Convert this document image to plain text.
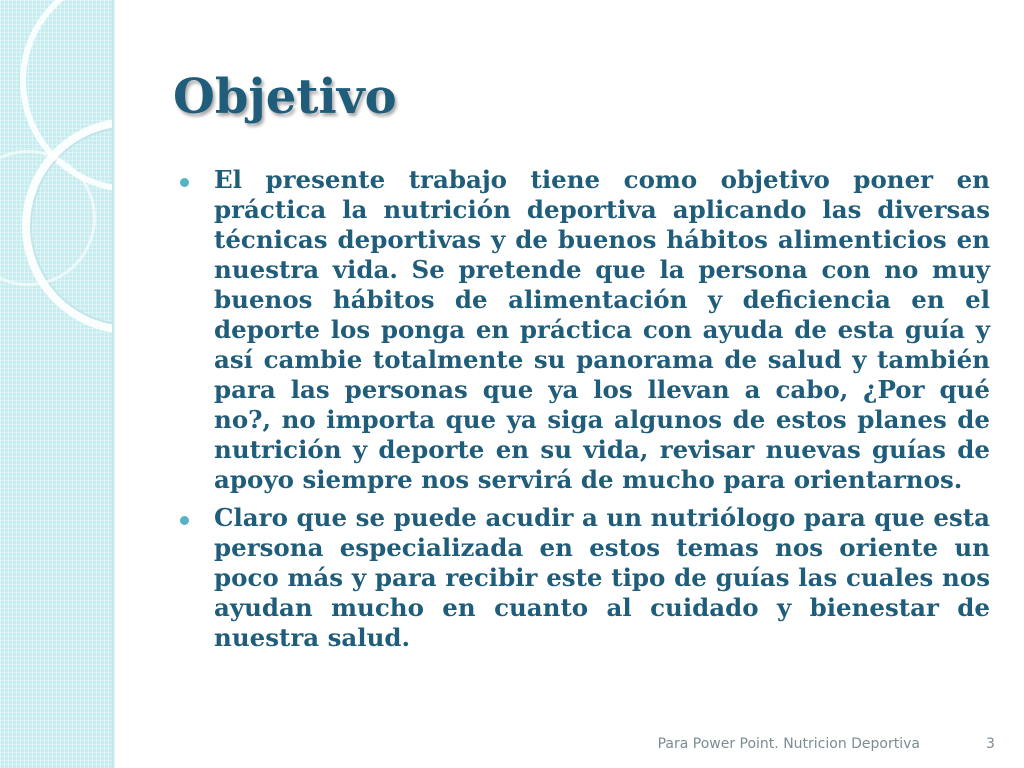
Objetivo
El presente trabajo tiene como objetivo poner en práctica la nutrición deportiva aplicando las diversas técnicas deportivas y de buenos hábitos alimenticios en nuestra vida. Se pretende que la persona con no muy buenos hábitos de alimentación y deficiencia en el deporte los ponga en práctica con ayuda de esta guía y así cambie totalmente su panorama de salud y también para las personas que ya los llevan a cabo, ¿Por qué no?, no importa que ya siga algunos de estos planes de nutrición y deporte en su vida, revisar nuevas guías de apoyo siempre nos servirá de mucho para orientarnos.
Claro que se puede acudir a un nutriólogo para que esta persona especializada en estos temas nos oriente un poco más y para recibir este tipo de guías las cuales nos ayudan mucho en cuanto al cuidado y bienestar de nuestra salud.
Para Power Point. Nutricion Deportiva	3
